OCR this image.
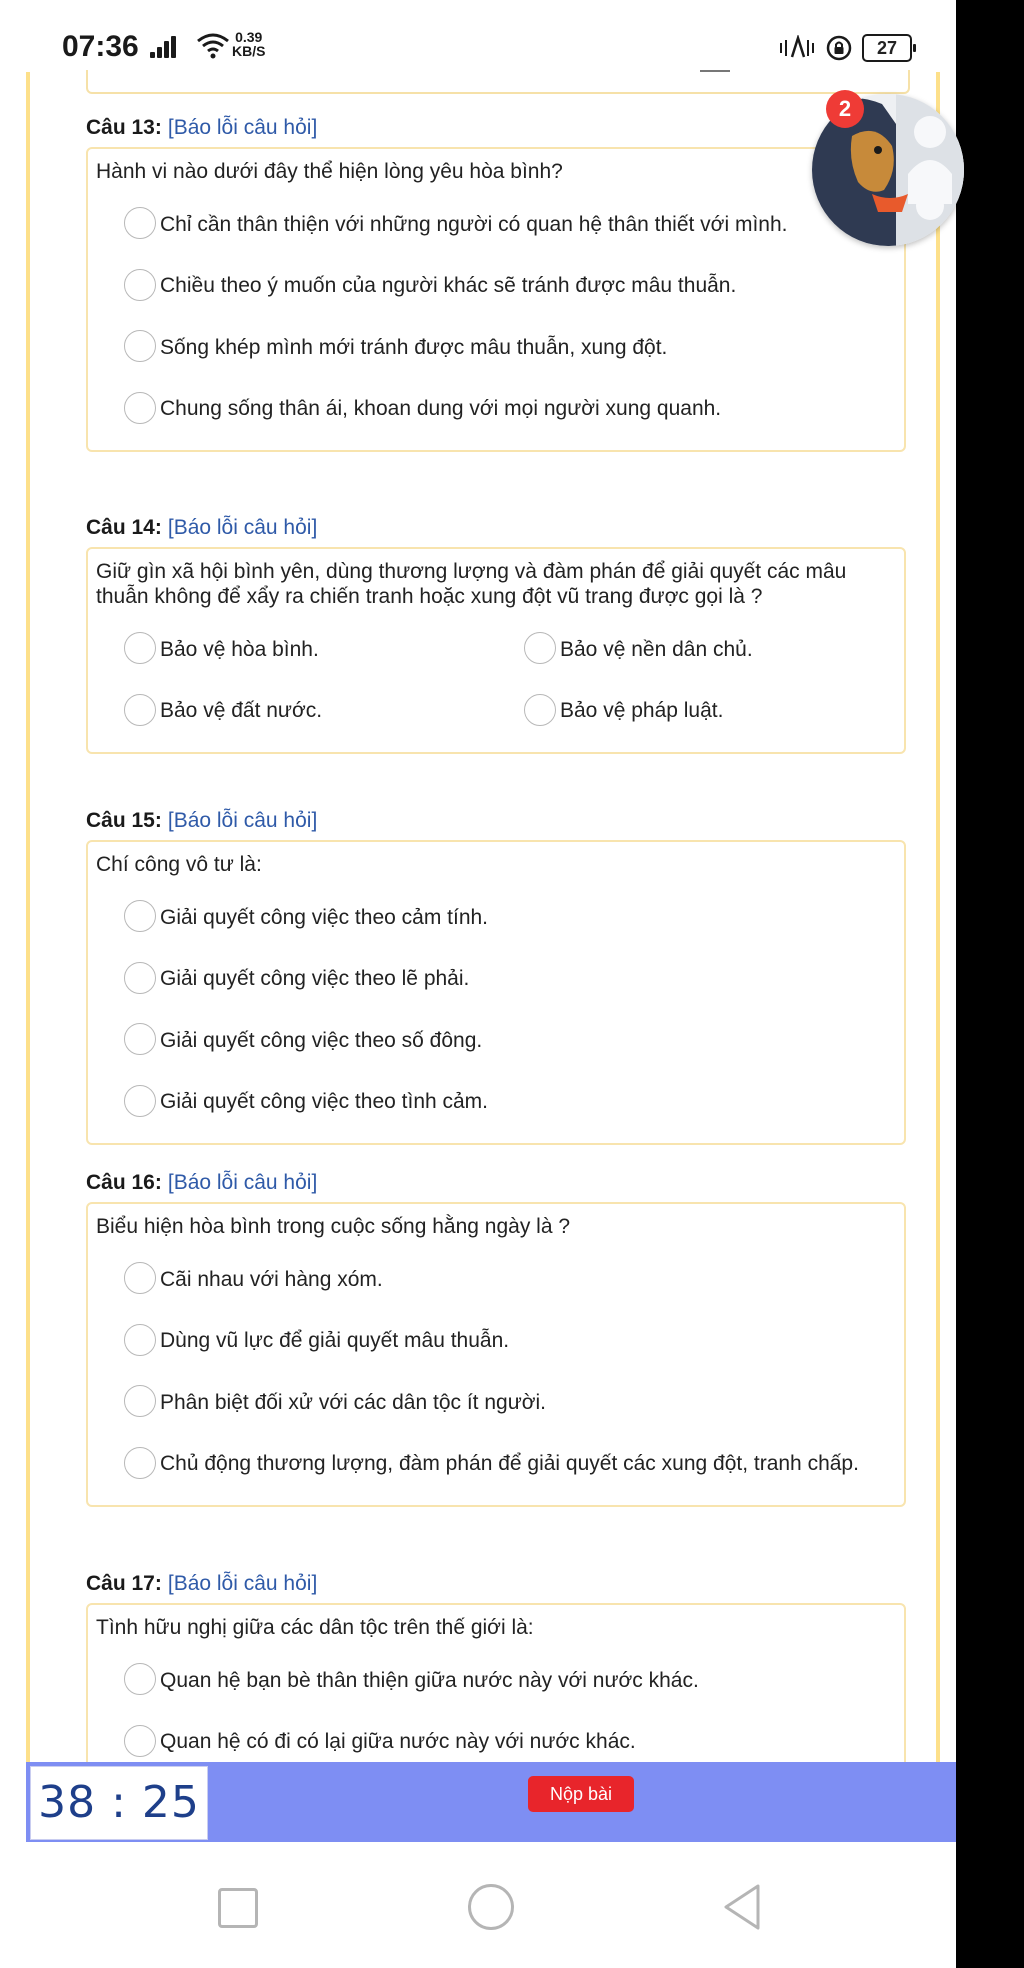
07:36	0.39
KB/S	27
Câu 13: [Báo lỗi câu hỏi]
Hành vi nào dưới đây thể hiện lòng yêu hòa bình?
Chỉ cần thân thiện với những người có quan hệ thân thiết với mình.
Chiều theo ý muốn của người khác sẽ tránh được mâu thuẫn.
Sống khép mình mới tránh được mâu thuẫn, xung đột.
Chung sống thân ái, khoan dung với mọi người xung quanh.
Câu 14: [Báo lỗi câu hỏi]
Giữ gìn xã hội bình yên, dùng thương lượng và đàm phán để giải quyết các mâu thuẫn không để xẩy ra chiến tranh hoặc xung đột vũ trang được gọi là ?
Bảo vệ hòa bình.	Bảo vệ nền dân chủ.
Bảo vệ đất nước.	Bảo vệ pháp luật.
Câu 15: [Báo lỗi câu hỏi]
Chí công vô tư là:
Giải quyết công việc theo cảm tính.
Giải quyết công việc theo lẽ phải.
Giải quyết công việc theo số đông.
Giải quyết công việc theo tình cảm.
Câu 16: [Báo lỗi câu hỏi]
Biểu hiện hòa bình trong cuộc sống hằng ngày là ?
Cãi nhau với hàng xóm.
Dùng vũ lực để giải quyết mâu thuẫn.
Phân biệt đối xử với các dân tộc ít người.
Chủ động thương lượng, đàm phán để giải quyết các xung đột, tranh chấp.
Câu 17: [Báo lỗi câu hỏi]
Tình hữu nghị giữa các dân tộc trên thế giới là:
Quan hệ bạn bè thân thiện giữa nước này với nước khác.
Quan hệ có đi có lại giữa nước này với nước khác.
2
38 : 25	Nộp bài
